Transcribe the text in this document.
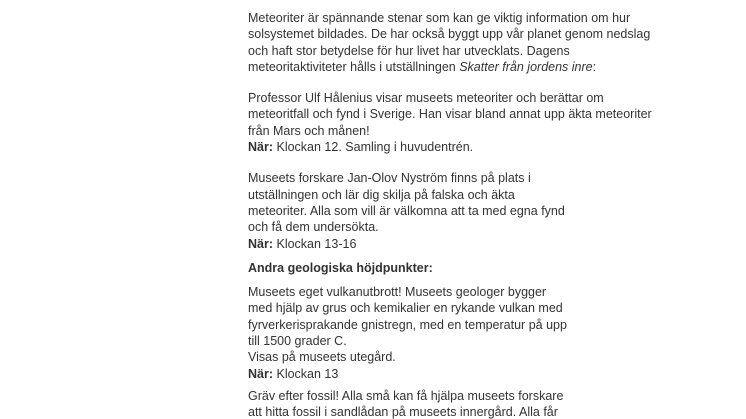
Meteoriter är spännande stenar som kan ge viktig information om hur
solsystemet bildades. De har också byggt upp vår planet genom nedslag
och haft stor betydelse för hur livet har utvecklats. Dagens
meteoritaktiviteter hålls i utställningen Skatter från jordens inre:
Professor Ulf Hålenius visar museets meteoriter och berättar om
meteoritfall och fynd i Sverige. Han visar bland annat upp äkta meteoriter
från Mars och månen!
När: Klockan 12. Samling i huvudentrén.
Museets forskare Jan-Olov Nyström finns på plats i
utställningen och lär dig skilja på falska och äkta
meteoriter. Alla som vill är välkomna att ta med egna fynd
och få dem undersökta.
När: Klockan 13-16
Andra geologiska höjdpunkter:
Museets eget vulkanutbrott! Museets geologer bygger
med hjälp av grus och kemikalier en rykande vulkan med
fyrverkerisprakande gnistregn, med en temperatur på upp
till 1500 grader C.
Visas på museets utegård.
När: Klockan 13
Gräv efter fossil! Alla små kan få hjälpa museets forskare
att hitta fossil i sandlådan på museets innergård. Alla får
